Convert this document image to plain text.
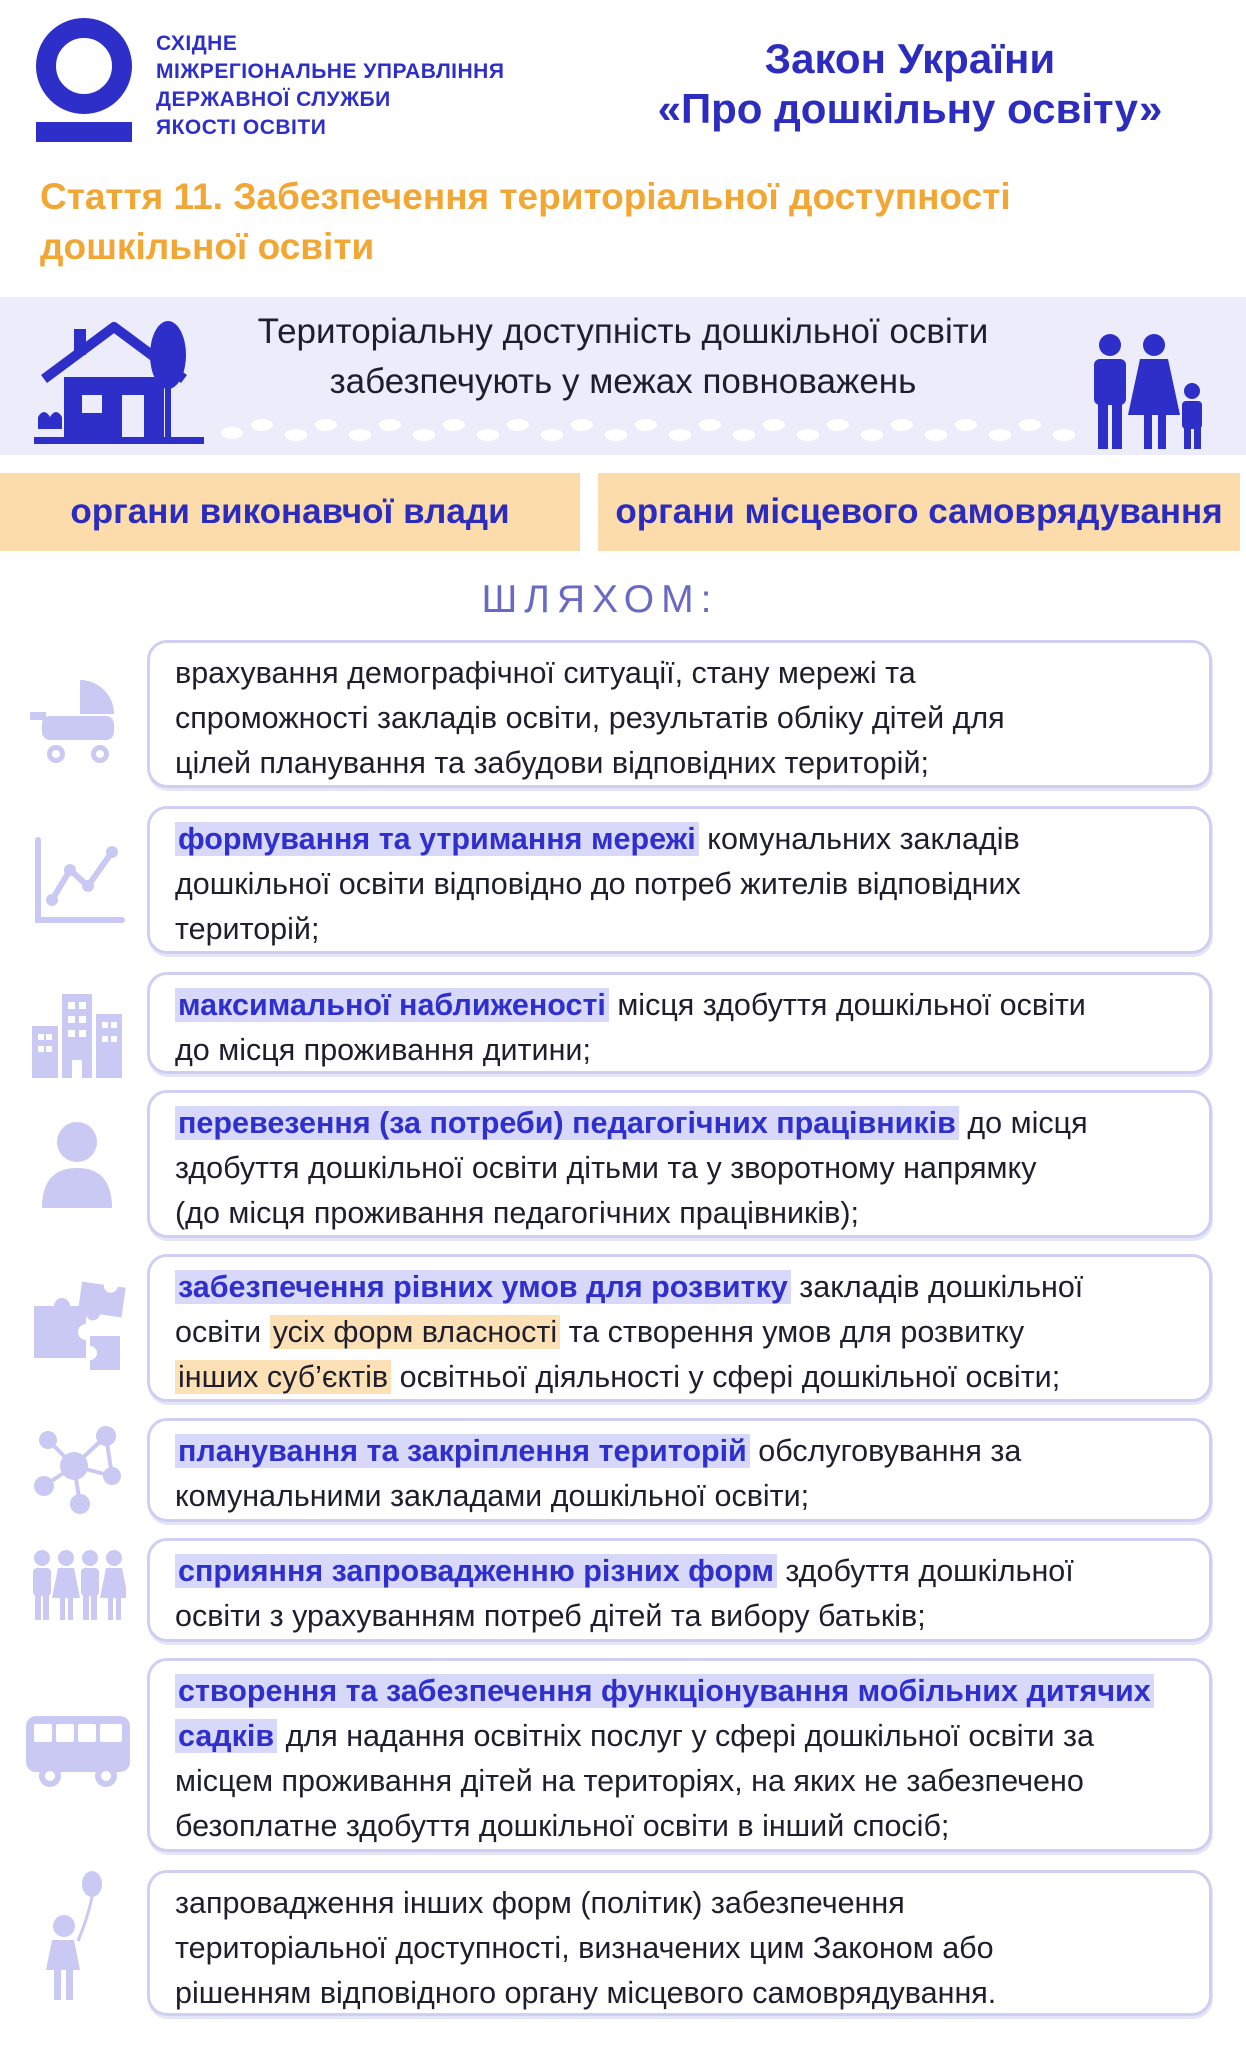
СХІДНЕ
МІЖРЕГІОНАЛЬНЕ УПРАВЛІННЯ
ДЕРЖАВНОЇ СЛУЖБИ
ЯКОСТІ ОСВІТИ
Закон України
«Про дошкільну освіту»
Стаття 11. Забезпечення територіальної доступності
дошкільної освіти
Територіальну доступність дошкільної освіти
забезпечують у межах повноважень
органи виконавчої влади	органи місцевого самоврядування
ШЛЯХОМ:
врахування демографічної ситуації, стану мережі та
спроможності закладів освіти, результатів обліку дітей для
цілей планування та забудови відповідних територій;
формування та утримання мережі комунальних закладів
дошкільної освіти відповідно до потреб жителів відповідних
територій;
максимальної наближеності місця здобуття дошкільної освіти
до місця проживання дитини;
перевезення (за потреби) педагогічних працівників до місця
здобуття дошкільної освіти дітьми та у зворотному напрямку
(до місця проживання педагогічних працівників);
забезпечення рівних умов для розвитку закладів дошкільної
освіти усіх форм власності та створення умов для розвитку
інших суб’єктів освітньої діяльності у сфері дошкільної освіти;
планування та закріплення територій обслуговування за
комунальними закладами дошкільної освіти;
сприяння запровадженню різних форм здобуття дошкільної
освіти з урахуванням потреб дітей та вибору батьків;
створення та забезпечення функціонування мобільних дитячих
садків для надання освітніх послуг у сфері дошкільної освіти за
місцем проживання дітей на територіях, на яких не забезпечено
безоплатне здобуття дошкільної освіти в інший спосіб;
запровадження інших форм (політик) забезпечення
територіальної доступності, визначених цим Законом або
рішенням відповідного органу місцевого самоврядування.
